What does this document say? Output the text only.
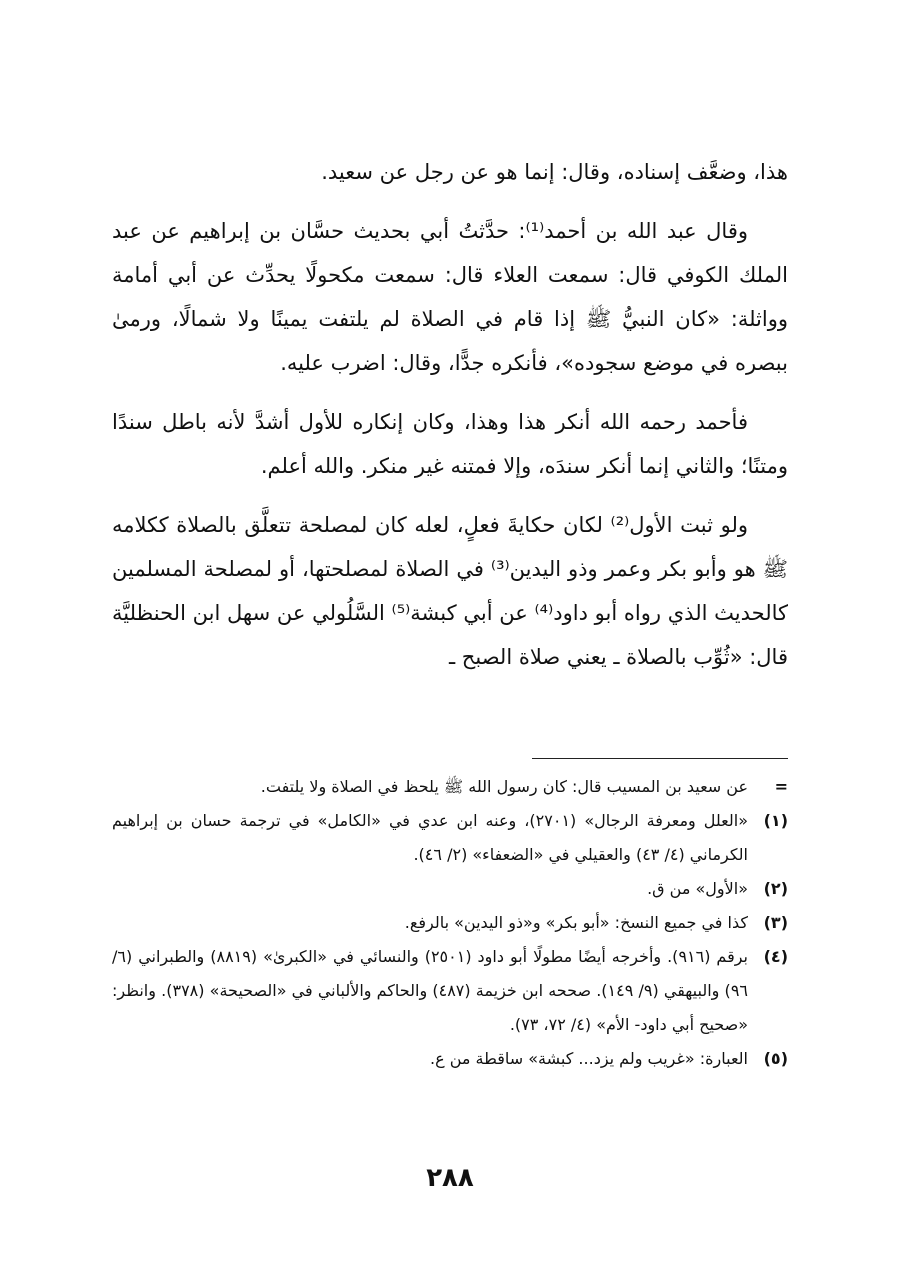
هذا، وضعَّف إسناده، وقال: إنما هو عن رجل عن سعيد.

وقال عبد الله بن أحمد⁽¹⁾: حدَّثتُ أبي بحديث حسَّان بن إبراهيم عن عبد الملك الكوفي قال: سمعت العلاء قال: سمعت مكحولًا يحدِّث عن أبي أمامة وواثلة: «كان النبيُّ ﷺ إذا قام في الصلاة لم يلتفت يمينًا ولا شمالًا، ورمىٰ ببصره في موضع سجوده»، فأنكره جدًّا، وقال: اضرب عليه.

فأحمد رحمه الله أنكر هذا وهذا، وكان إنكاره للأول أشدَّ لأنه باطل سندًا ومتنًا؛ والثاني إنما أنكر سندَه، وإلا فمتنه غير منكر. والله أعلم.

ولو ثبت الأول⁽²⁾ لكان حكايةَ فعلٍ، لعله كان لمصلحة تتعلَّق بالصلاة ككلامه ﷺ هو وأبو بكر وعمر وذو اليدين⁽³⁾ في الصلاة لمصلحتها، أو لمصلحة المسلمين كالحديث الذي رواه أبو داود⁽⁴⁾ عن أبي كبشة⁽⁵⁾ السَّلُولي عن سهل ابن الحنظليَّة قال: «ثُوِّب بالصلاة ـ يعني صلاة الصبح ـ

=
عن سعيد بن المسيب قال: كان رسول الله ﷺ يلحظ في الصلاة ولا يلتفت.
(١)
«العلل ومعرفة الرجال» (٢٧٠١)، وعنه ابن عدي في «الكامل» في ترجمة حسان بن إبراهيم الكرماني (٤/ ٤٣) والعقيلي في «الضعفاء» (٢/ ٤٦).
(٢)
«الأول» من ق.
(٣)
كذا في جميع النسخ: «أبو بكر» و«ذو اليدين» بالرفع.
(٤)
برقم (٩١٦). وأخرجه أيضًا مطولًا أبو داود (٢٥٠١) والنسائي في «الكبرىٰ» (٨٨١٩) والطبراني (٦/ ٩٦) والبيهقي (٩/ ١٤٩). صححه ابن خزيمة (٤٨٧) والحاكم والألباني في «الصحيحة» (٣٧٨). وانظر: «صحيح أبي داود- الأم» (٤/ ٧٢، ٧٣).
(٥)
العبارة: «غريب ولم يزد... كبشة» ساقطة من ع.
٢٨٨
